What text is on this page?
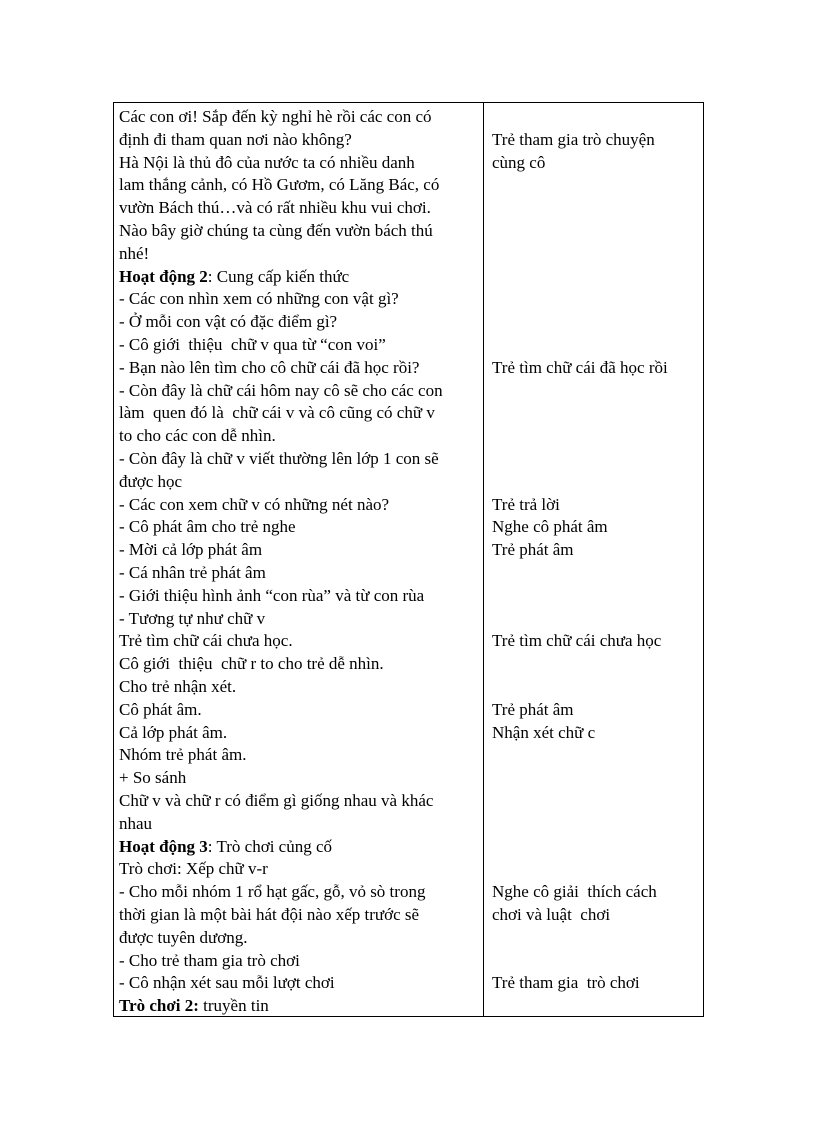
Các con ơi! Sắp đến kỳ nghỉ hè rồi các con có
định đi tham quan nơi nào không?
Hà Nội là thủ đô của nước ta có nhiều danh
lam thắng cảnh, có Hồ Gươm, có Lăng Bác, có
vườn Bách thú…và có rất nhiều khu vui chơi.
Nào bây giờ chúng ta cùng đến vườn bách thú
nhé!
Hoạt động 2: Cung cấp kiến thức
- Các con nhìn xem có những con vật gì?
- Ở mỗi con vật có đặc điểm gì?
- Cô giới  thiệu  chữ v qua từ “con voi”
- Bạn nào lên tìm cho cô chữ cái đã học rồi?
- Còn đây là chữ cái hôm nay cô sẽ cho các con
làm  quen đó là  chữ cái v và cô cũng có chữ v
to cho các con dễ nhìn.
- Còn đây là chữ v viết thường lên lớp 1 con sẽ
được học
- Các con xem chữ v có những nét nào?
- Cô phát âm cho trẻ nghe
- Mời cả lớp phát âm
- Cá nhân trẻ phát âm
- Giới thiệu hình ảnh “con rùa” và từ con rùa
- Tương tự như chữ v
Trẻ tìm chữ cái chưa học.
Cô giới  thiệu  chữ r to cho trẻ dễ nhìn.
Cho trẻ nhận xét.
Cô phát âm.
Cả lớp phát âm.
Nhóm trẻ phát âm.
+ So sánh
Chữ v và chữ r có điểm gì giống nhau và khác
nhau
Hoạt động 3: Trò chơi củng cố
Trò chơi: Xếp chữ v-r
- Cho mỗi nhóm 1 rổ hạt gấc, gỗ, vỏ sò trong
thời gian là một bài hát đội nào xếp trước sẽ
được tuyên dương.
- Cho trẻ tham gia trò chơi
- Cô nhận xét sau mỗi lượt chơi
Trò chơi 2: truyền tin
Trẻ tham gia trò chuyện
cùng cô
Trẻ tìm chữ cái đã học rồi
Trẻ trả lời
Nghe cô phát âm
Trẻ phát âm
Trẻ tìm chữ cái chưa học
Trẻ phát âm
Nhận xét chữ c
Nghe cô giải  thích cách
chơi và luật  chơi
Trẻ tham gia  trò chơi
